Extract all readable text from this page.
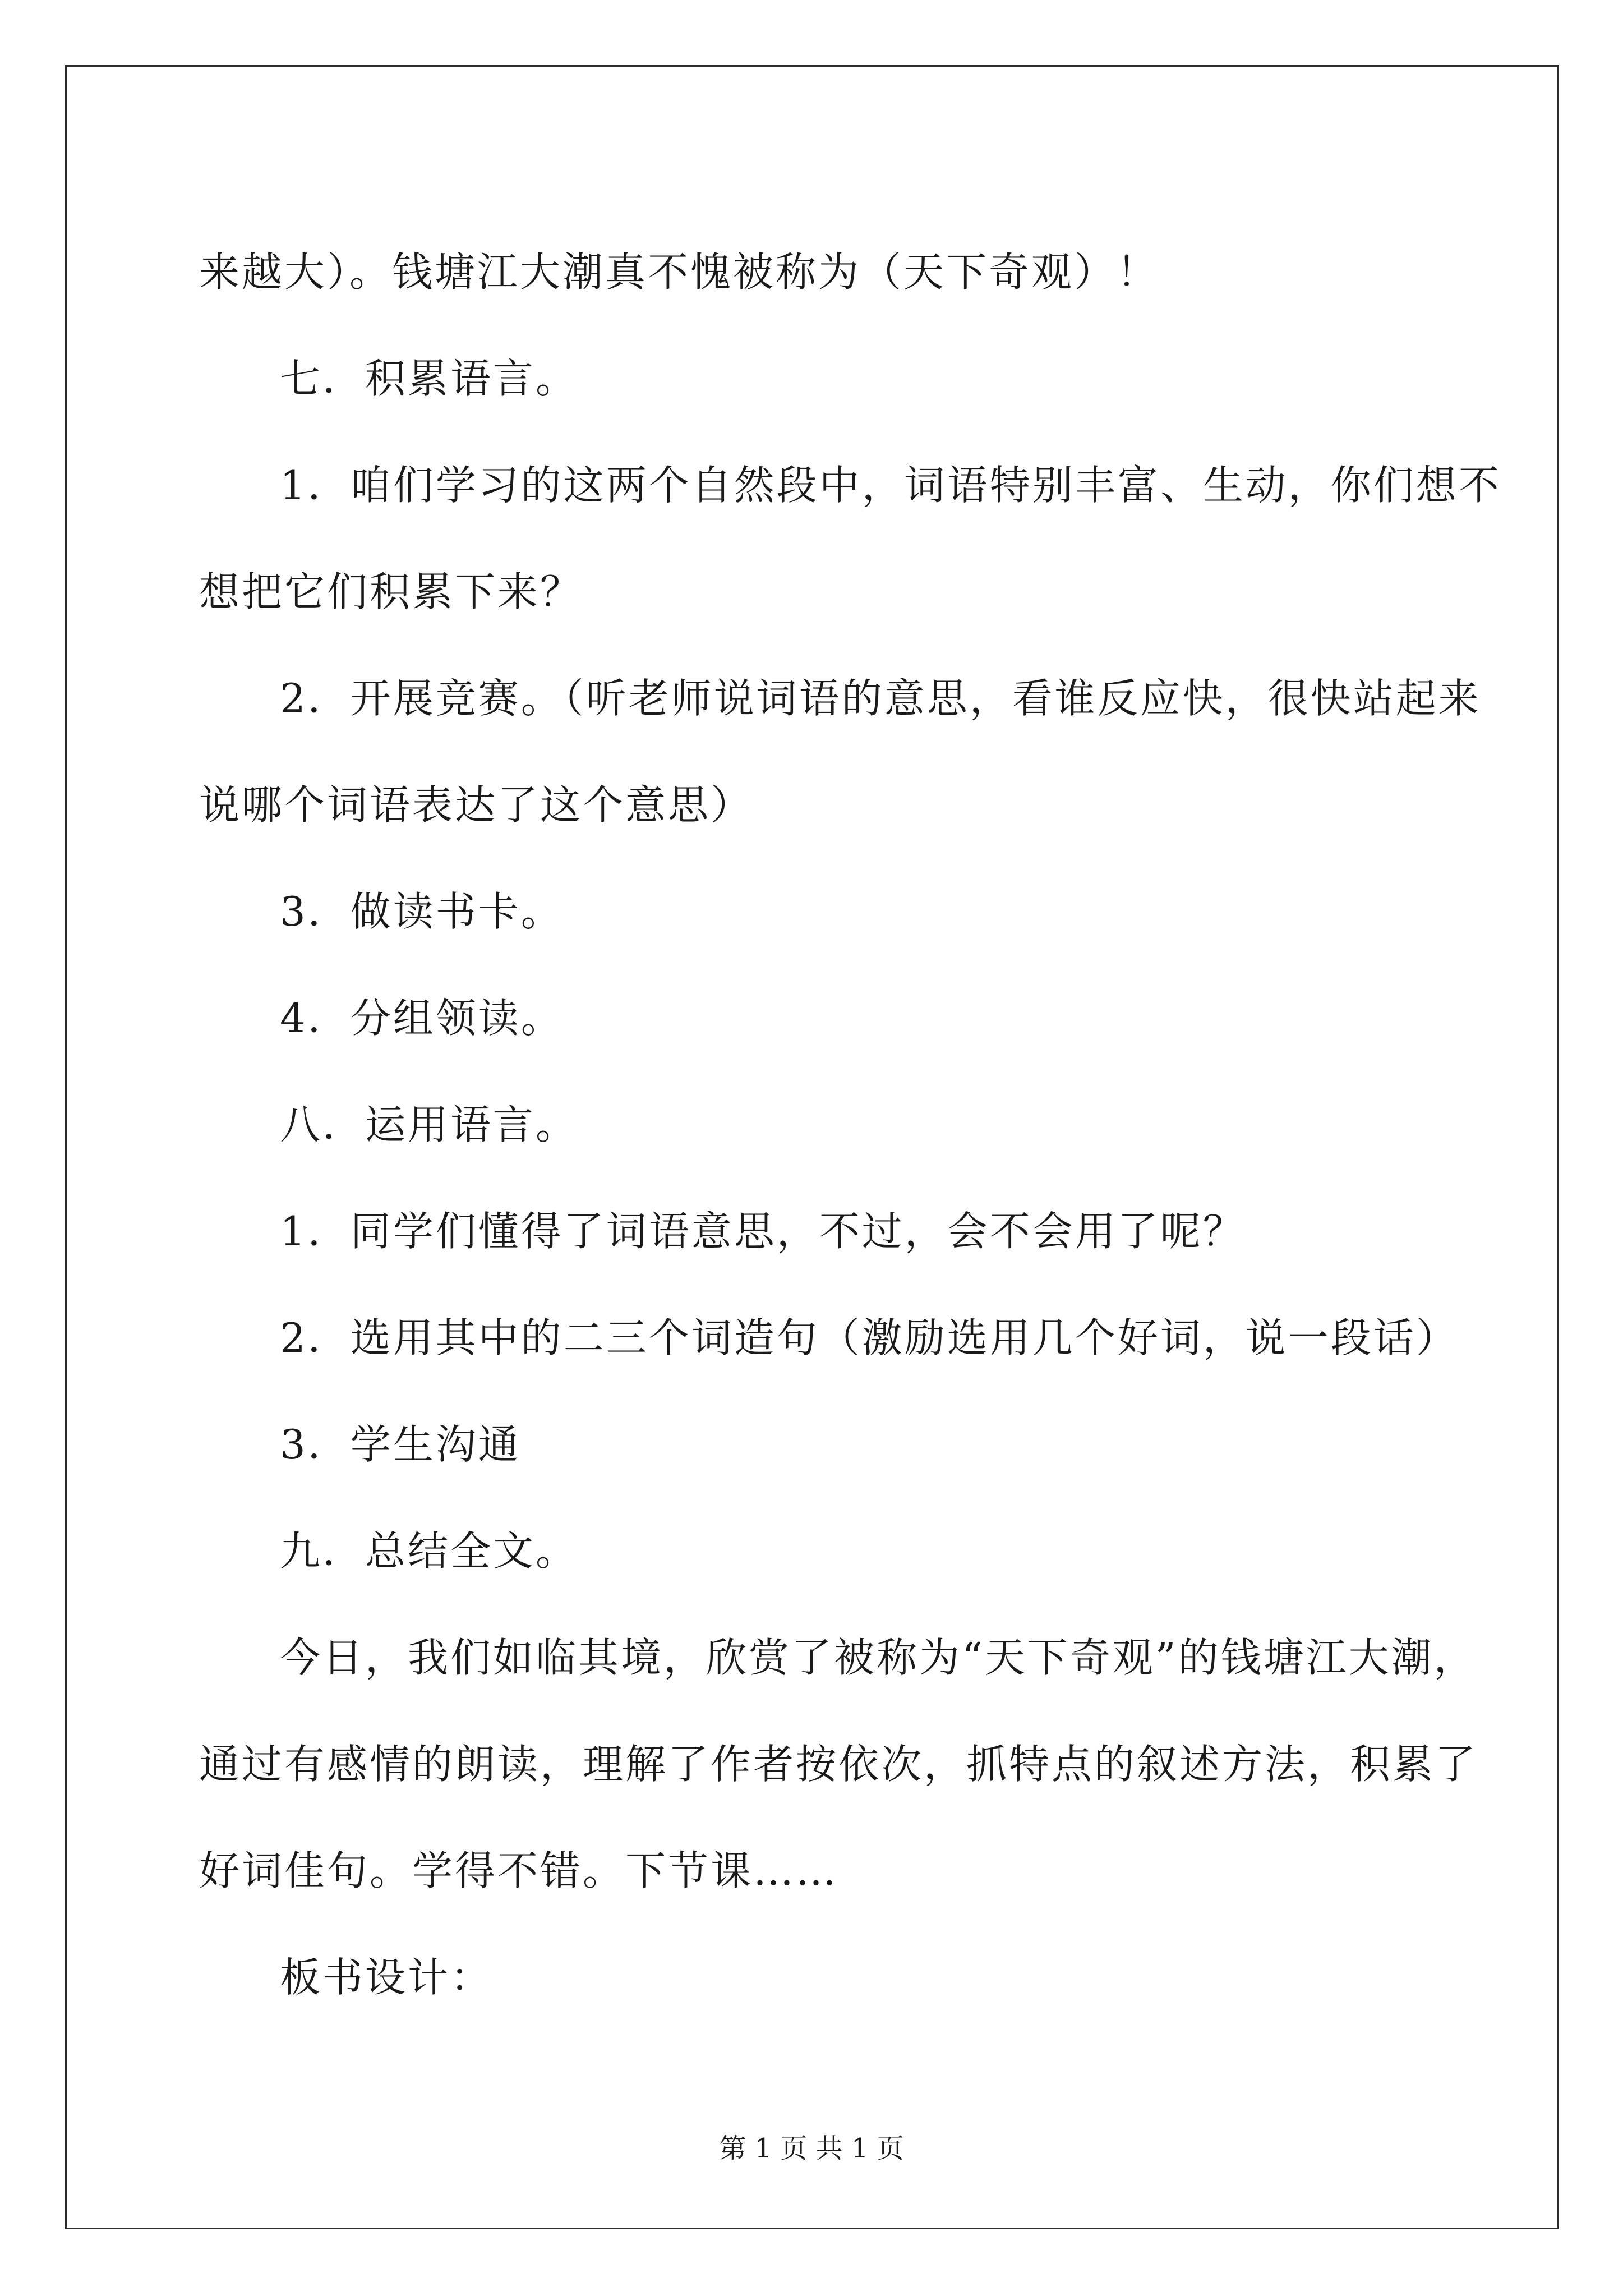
来越大）。钱塘江大潮真不愧被称为（天下奇观）！
七．积累语言。
1．咱们学习的这两个自然段中，词语特别丰富、生动，你们想不
想把它们积累下来？
2．开展竞赛。（听老师说词语的意思，看谁反应快，很快站起来
说哪个词语表达了这个意思）
3．做读书卡。
4．分组领读。
八．运用语言。
1．同学们懂得了词语意思，不过，会不会用了呢？
2．选用其中的二三个词造句（激励选用几个好词，说一段话）
3．学生沟通
九．总结全文。
今日，我们如临其境，欣赏了被称为“天下奇观”的钱塘江大潮，
通过有感情的朗读，理解了作者按依次，抓特点的叙述方法，积累了
好词佳句。学得不错。下节课……
板书设计：
第 1 页 共 1 页
